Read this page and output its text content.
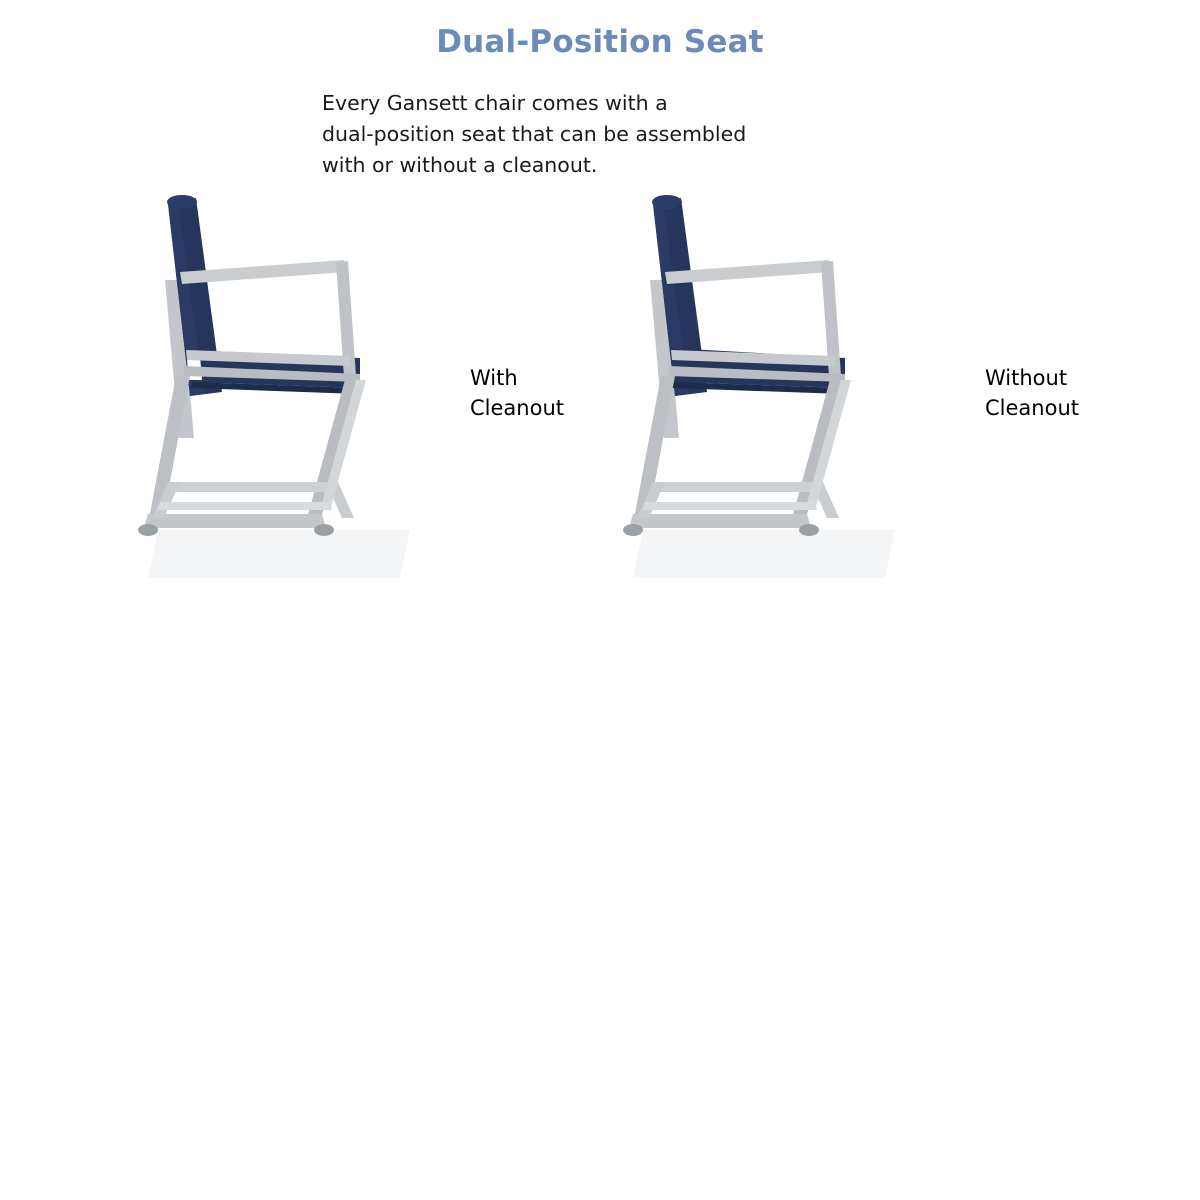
Dual-Position Seat
Every Gansett chair comes with a
dual-position seat that can be assembled
with or without a cleanout.
With
Cleanout
Without
Cleanout
